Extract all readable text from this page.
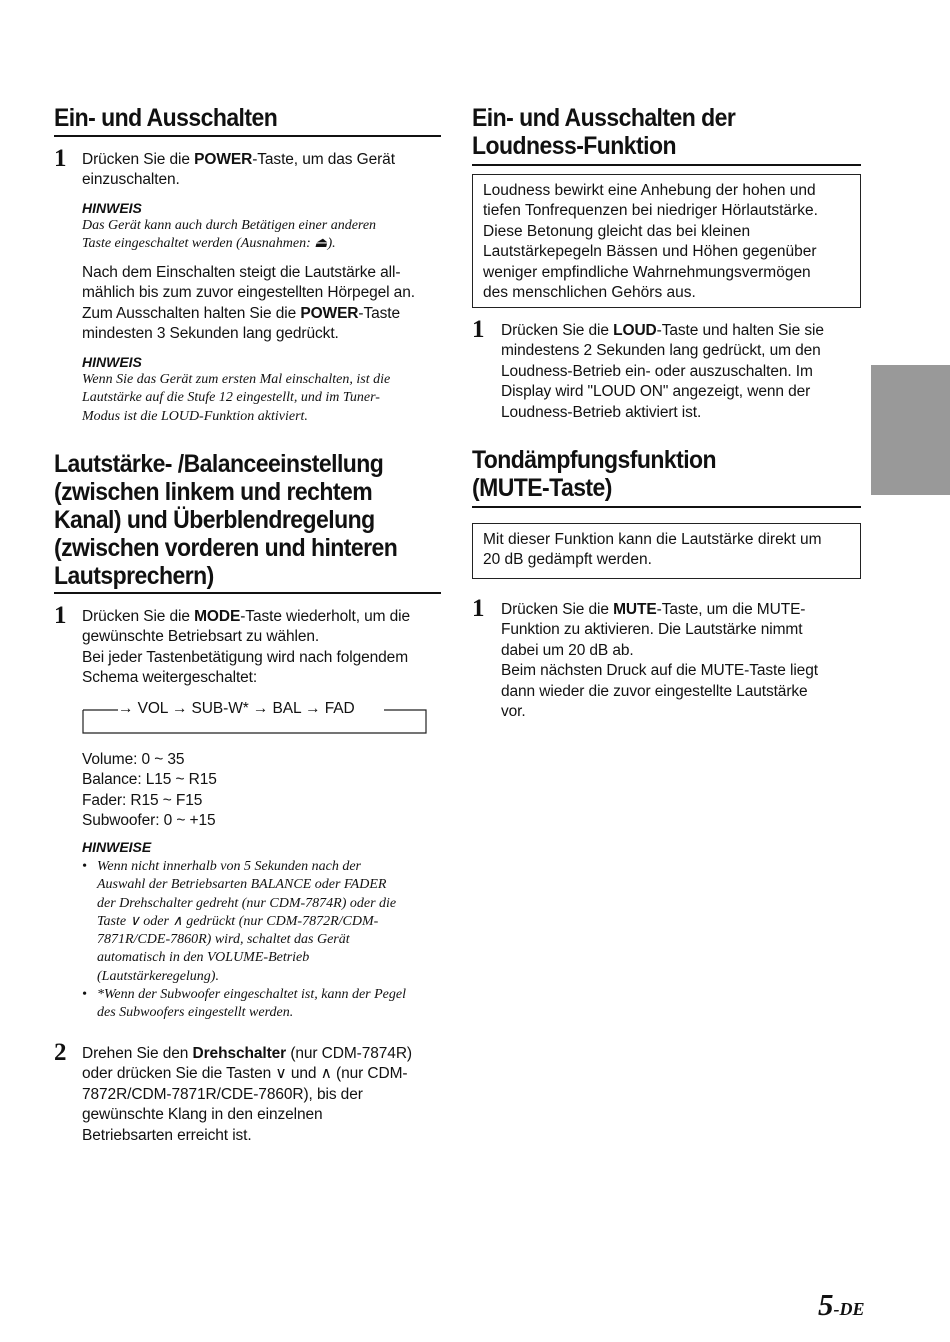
Ein- und Ausschalten
1 Drücken Sie die POWER-Taste, um das Gerät
einzuschalten.
HINWEIS
Das Gerät kann auch durch Betätigen einer anderen
Taste eingeschaltet werden (Ausnahmen: ⏏).
Nach dem Einschalten steigt die Lautstärke all-
mählich bis zum zuvor eingestellten Hörpegel an.
Zum Ausschalten halten Sie die POWER-Taste
mindesten 3 Sekunden lang gedrückt.
HINWEIS
Wenn Sie das Gerät zum ersten Mal einschalten, ist die
Lautstärke auf die Stufe 12 eingestellt, und im Tuner-
Modus ist die LOUD-Funktion aktiviert.
Lautstärke- /Balanceeinstellung
(zwischen linkem und rechtem
Kanal) und Überblendregelung
(zwischen vorderen und hinteren
Lautsprechern)
1 Drücken Sie die MODE-Taste wiederholt, um die
gewünschte Betriebsart zu wählen.
Bei jeder Tastenbetätigung wird nach folgendem
Schema weitergeschaltet:
→ VOL → SUB-W* → BAL → FAD
Volume: 0 ~ 35
Balance: L15 ~ R15
Fader: R15 ~ F15
Subwoofer: 0 ~ +15
HINWEISE
• Wenn nicht innerhalb von 5 Sekunden nach der
Auswahl der Betriebsarten BALANCE oder FADER
der Drehschalter gedreht (nur CDM-7874R) oder die
Taste ∨ oder ∧ gedrückt (nur CDM-7872R/CDM-
7871R/CDE-7860R) wird, schaltet das Gerät
automatisch in den VOLUME-Betrieb
(Lautstärkeregelung).
• *Wenn der Subwoofer eingeschaltet ist, kann der Pegel
des Subwoofers eingestellt werden.
2 Drehen Sie den Drehschalter (nur CDM-7874R)
oder drücken Sie die Tasten ∨ und ∧ (nur CDM-
7872R/CDM-7871R/CDE-7860R), bis der
gewünschte Klang in den einzelnen
Betriebsarten erreicht ist.
Ein- und Ausschalten der
Loudness-Funktion
Loudness bewirkt eine Anhebung der hohen und
tiefen Tonfrequenzen bei niedriger Hörlautstärke.
Diese Betonung gleicht das bei kleinen
Lautstärkepegeln Bässen und Höhen gegenüber
weniger empfindliche Wahrnehmungsvermögen
des menschlichen Gehörs aus.
1 Drücken Sie die LOUD-Taste und halten Sie sie
mindestens 2 Sekunden lang gedrückt, um den
Loudness-Betrieb ein- oder auszuschalten. Im
Display wird "LOUD ON" angezeigt, wenn der
Loudness-Betrieb aktiviert ist.
Tondämpfungsfunktion
(MUTE-Taste)
Mit dieser Funktion kann die Lautstärke direkt um
20 dB gedämpft werden.
1 Drücken Sie die MUTE-Taste, um die MUTE-
Funktion zu aktivieren. Die Lautstärke nimmt
dabei um 20 dB ab.
Beim nächsten Druck auf die MUTE-Taste liegt
dann wieder die zuvor eingestellte Lautstärke
vor.
5-DE
